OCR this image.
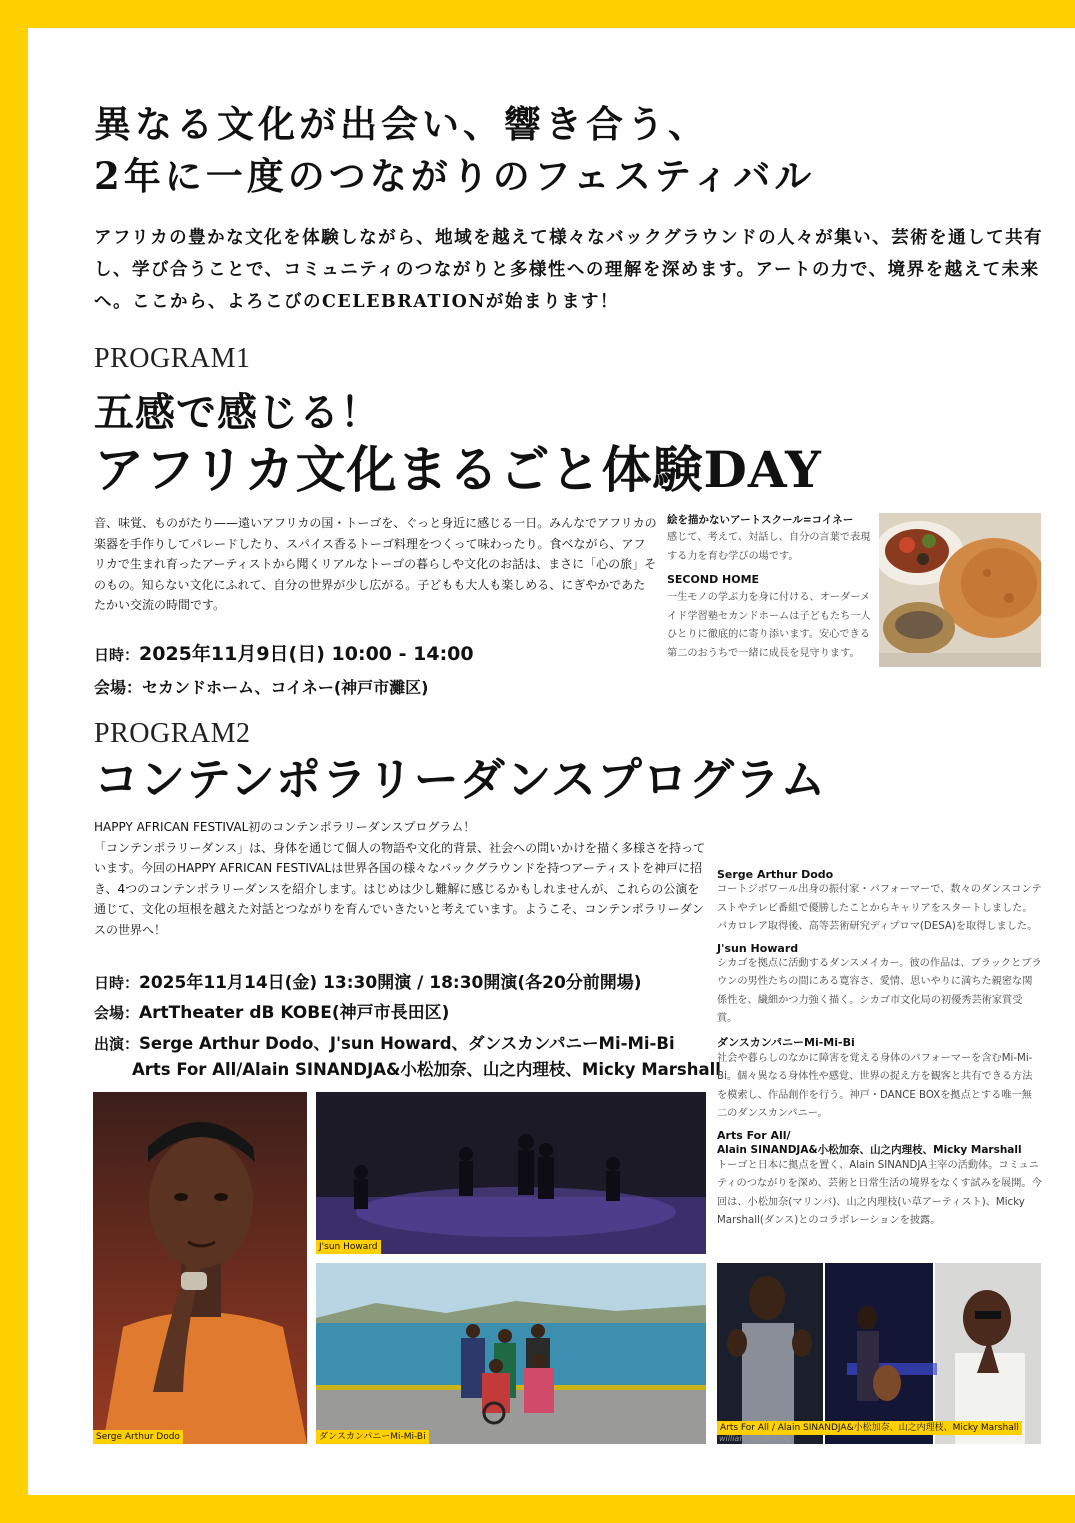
異なる文化が出会い、響き合う、
2年に一度のつながりのフェスティバル
アフリカの豊かな文化を体験しながら、地域を越えて様々なバックグラウンドの人々が集い、芸術を通して共有し、学び合うことで、コミュニティのつながりと多様性への理解を深めます。アートの力で、境界を越えて未来へ。ここから、よろこびのCELEBRATIONが始まります！
PROGRAM1
五感で感じる！
アフリカ文化まるごと体験DAY
音、味覚、ものがたり——遠いアフリカの国・トーゴを、ぐっと身近に感じる一日。みんなでアフリカの楽器を手作りしてパレードしたり、スパイス香るトーゴ料理をつくって味わったり。食べながら、アフリカで生まれ育ったアーティストから聞くリアルなトーゴの暮らしや文化のお話は、まさに「心の旅」そのもの。知らない文化にふれて、自分の世界が少し広がる。子どもも大人も楽しめる、にぎやかであたたかい交流の時間です。
日時：2025年11月9日(日) 10:00 - 14:00
会場：セカンドホーム、コイネー(神戸市灘区)
絵を描かないアートスクール=コイネー
感じて、考えて、対話し、自分の言葉で表現する力を育む学びの場です。
SECOND HOME
一生モノの学ぶ力を身に付ける、オーダーメイド学習塾セカンドホームは子どもたち一人ひとりに徹底的に寄り添います。安心できる第二のおうちで一緒に成長を見守ります。
PROGRAM2
コンテンポラリーダンスプログラム
HAPPY AFRICAN FESTIVAL初のコンテンポラリーダンスプログラム！
「コンテンポラリーダンス」は、身体を通じて個人の物語や文化的背景、社会への問いかけを描く多様さを持っています。今回のHAPPY AFRICAN FESTIVALは世界各国の様々なバックグラウンドを持つアーティストを神戸に招き、4つのコンテンポラリーダンスを紹介します。はじめは少し難解に感じるかもしれませんが、これらの公演を通じて、文化の垣根を越えた対話とつながりを育んでいきたいと考えています。ようこそ、コンテンポラリーダンスの世界へ！
日時：2025年11月14日(金) 13:30開演 / 18:30開演(各20分前開場)
会場：ArtTheater dB KOBE(神戸市長田区)
出演：Serge Arthur Dodo、J'sun Howard、ダンスカンパニーMi-Mi-Bi
Arts For All/Alain SINANDJA&小松加奈、山之内理枝、Micky Marshall
Serge Arthur Dodo
コートジボワール出身の振付家・パフォーマーで、数々のダンスコンテストやテレビ番組で優勝したことからキャリアをスタートしました。バカロレア取得後、高等芸術研究ディプロマ(DESA)を取得しました。
J'sun Howard
シカゴを拠点に活動するダンスメイカー。彼の作品は、ブラックとブラウンの男性たちの間にある寛容さ、愛情、思いやりに満ちた親密な関係性を、繊細かつ力強く描く。シカゴ市文化局の初優秀芸術家賞受賞。
ダンスカンパニーMi-Mi-Bi
社会や暮らしのなかに障害を覚える身体のパフォーマーを含むMi-Mi-Bi。個々異なる身体性や感覚、世界の捉え方を観客と共有できる方法を模索し、作品創作を行う。神戸・DANCE BOXを拠点とする唯一無二のダンスカンパニー。
Arts For All/
Alain SINANDJA&小松加奈、山之内理枝、Micky Marshall
トーゴと日本に拠点を置く、Alain SINANDJA主宰の活動体。コミュニティのつながりを深め、芸術と日常生活の境界をなくす試みを展開。今回は、小松加奈(マリンバ)、山之内理枝(い草アーティスト)、Micky Marshall(ダンス)とのコラボレーションを披露。
Serge Arthur Dodo
J'sun Howard
ダンスカンパニーMi-Mi-Bi
Arts For All / Alain SINANDJA&小松加奈、山之内理枝、Micky Marshall
william frederking
